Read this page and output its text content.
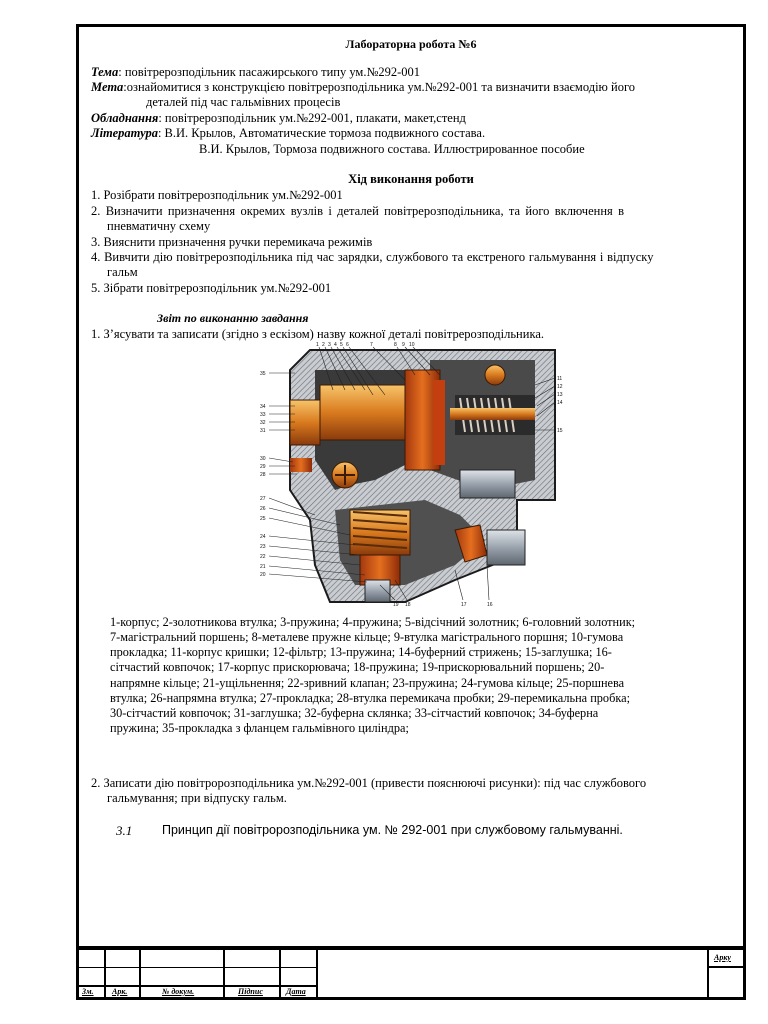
Лабораторна робота №6

Тема: повітрерозподільник пасажирського типу ум.№292-001
Мета:ознайомитися з конструкцією повітрерозподільника ум.№292-001 та визначити взаємодію його
деталей під час гальмівних процесів
Обладнання: повітрерозподільник ум.№292-001, плакати, макет,стенд
Література: В.И. Крылов, Автоматические тормоза подвижного состава.
В.И. Крылов, Тормоза подвижного состава. Иллюстрированное пособие

Хід виконання роботи

1. Розібрати повітрерозподільник ум.№292-001
2. Визначити призначення окремих вузлів і деталей повітрерозподільника, та його включення в
пневматичну схему
3. Вияснити призначення ручки перемикача режимів
4. Вивчити дію повітрерозподільника під час зарядки, службового та екстреного гальмування і відпуску
гальм
5. Зібрати повітрерозподільник ум.№292-001
Звіт по виконанню завдання
1. З’ясувати та записати (згідно з ескізом) назву кожної деталі повітрерозподільника.
1 2 3 4 5 6	7	8 9 10
11
12
13
14
15
35
34
33
32
31
30
29
28
27
26
25
24
23
22
21
20
19 18	17	16
1-корпус; 2-золотникова втулка; 3-пружина; 4-пружина; 5-відсічний золотник; 6-головний золотник;
7-магістральний поршень; 8-металеве пружне кільце; 9-втулка магістрального поршня; 10-гумова
прокладка; 11-корпус кришки; 12-фільтр; 13-пружина; 14-буферний стрижень; 15-заглушка; 16-
сітчастий ковпочок; 17-корпус прискорювача; 18-пружина; 19-прискорювальний поршень; 20-
напрямне кільце; 21-ущільнення; 22-зривний клапан; 23-пружина; 24-гумова кільце; 25-поршнева
втулка; 26-напрямна втулка; 27-прокладка; 28-втулка перемикача пробки; 29-перемикальна пробка;
30-сітчастий ковпочок; 31-заглушка; 32-буферна склянка; 33-сітчастий ковпочок; 34-буферна
пружина; 35-прокладка з фланцем гальмівного циліндра;
2. Записати дію повітророзподільника ум.№292-001 (привести пояснюючі рисунки): під час службового
гальмування; при відпуску гальм.
3.1 Принцип дії повітророзподільника ум. № 292-001 при службовому гальмуванні.
Зм. Арк.	№ докум.	Підпис	Дата
Арку
